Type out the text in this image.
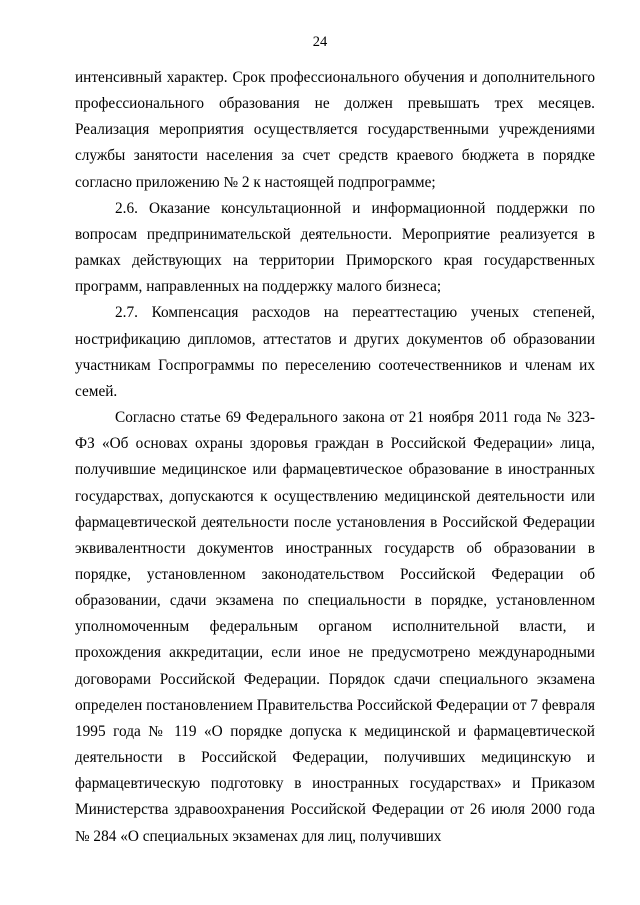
24

интенсивный характер. Срок профессионального обучения и дополнительного профессионального образования не должен превышать трех месяцев. Реализация мероприятия осуществляется государственными учреждениями службы занятости населения за счет средств краевого бюджета в порядке согласно приложению № 2 к настоящей подпрограмме;

2.6. Оказание консультационной и информационной поддержки по вопросам предпринимательской деятельности. Мероприятие реализуется в рамках действующих на территории Приморского края государственных программ, направленных на поддержку малого бизнеса;

2.7. Компенсация расходов на переаттестацию ученых степеней, нострификацию дипломов, аттестатов и других документов об образовании участникам Госпрограммы по переселению соотечественников и членам их семей.

Согласно статье 69 Федерального закона от 21 ноября 2011 года № 323-ФЗ «Об основах охраны здоровья граждан в Российской Федерации» лица, получившие медицинское или фармацевтическое образование в иностранных государствах, допускаются к осуществлению медицинской деятельности или фармацевтической деятельности после установления в Российской Федерации эквивалентности документов иностранных государств об образовании в порядке, установленном законодательством Российской Федерации об образовании, сдачи экзамена по специальности в порядке, установленном уполномоченным федеральным органом исполнительной власти, и прохождения аккредитации, если иное не предусмотрено международными договорами Российской Федерации. Порядок сдачи специального экзамена определен постановлением Правительства Российской Федерации от 7 февраля 1995 года № 119 «О порядке допуска к медицинской и фармацевтической деятельности в Российской Федерации, получивших медицинскую и фармацевтическую подготовку в иностранных государствах» и Приказом Министерства здравоохранения Российской Федерации от 26 июля 2000 года № 284 «О специальных экзаменах для лиц, получивших
